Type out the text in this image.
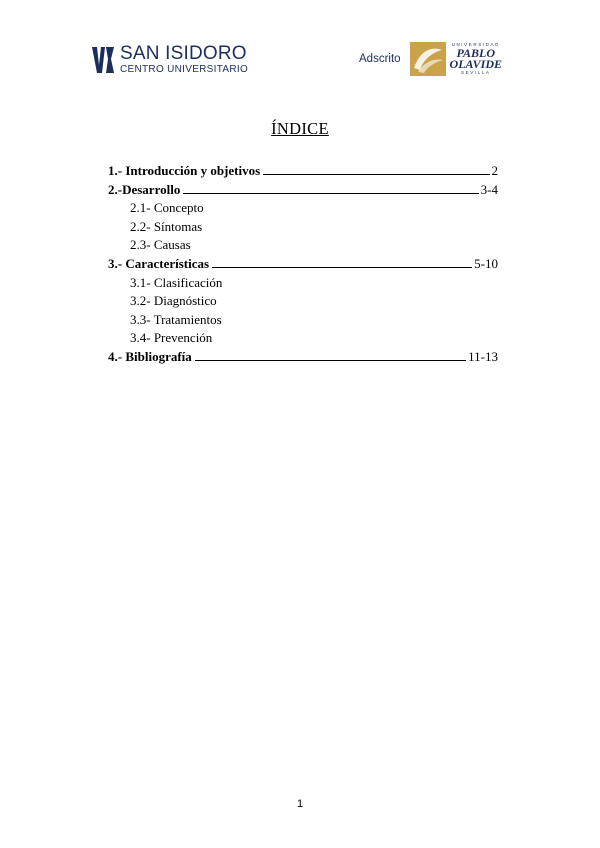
SAN ISIDORO
CENTRO UNIVERSITARIO
Adscrito
UNIVERSIDAD
PABLO
OLAVIDE
SEVILLA
ÍNDICE
1.- Introducción y objetivos	2
2.-Desarrollo	3-4
2.1- Concepto
2.2- Síntomas
2.3- Causas
3.- Características	5-10
3.1- Clasificación
3.2- Diagnóstico
3.3- Tratamientos
3.4- Prevención
4.- Bibliografía	11-13
1
